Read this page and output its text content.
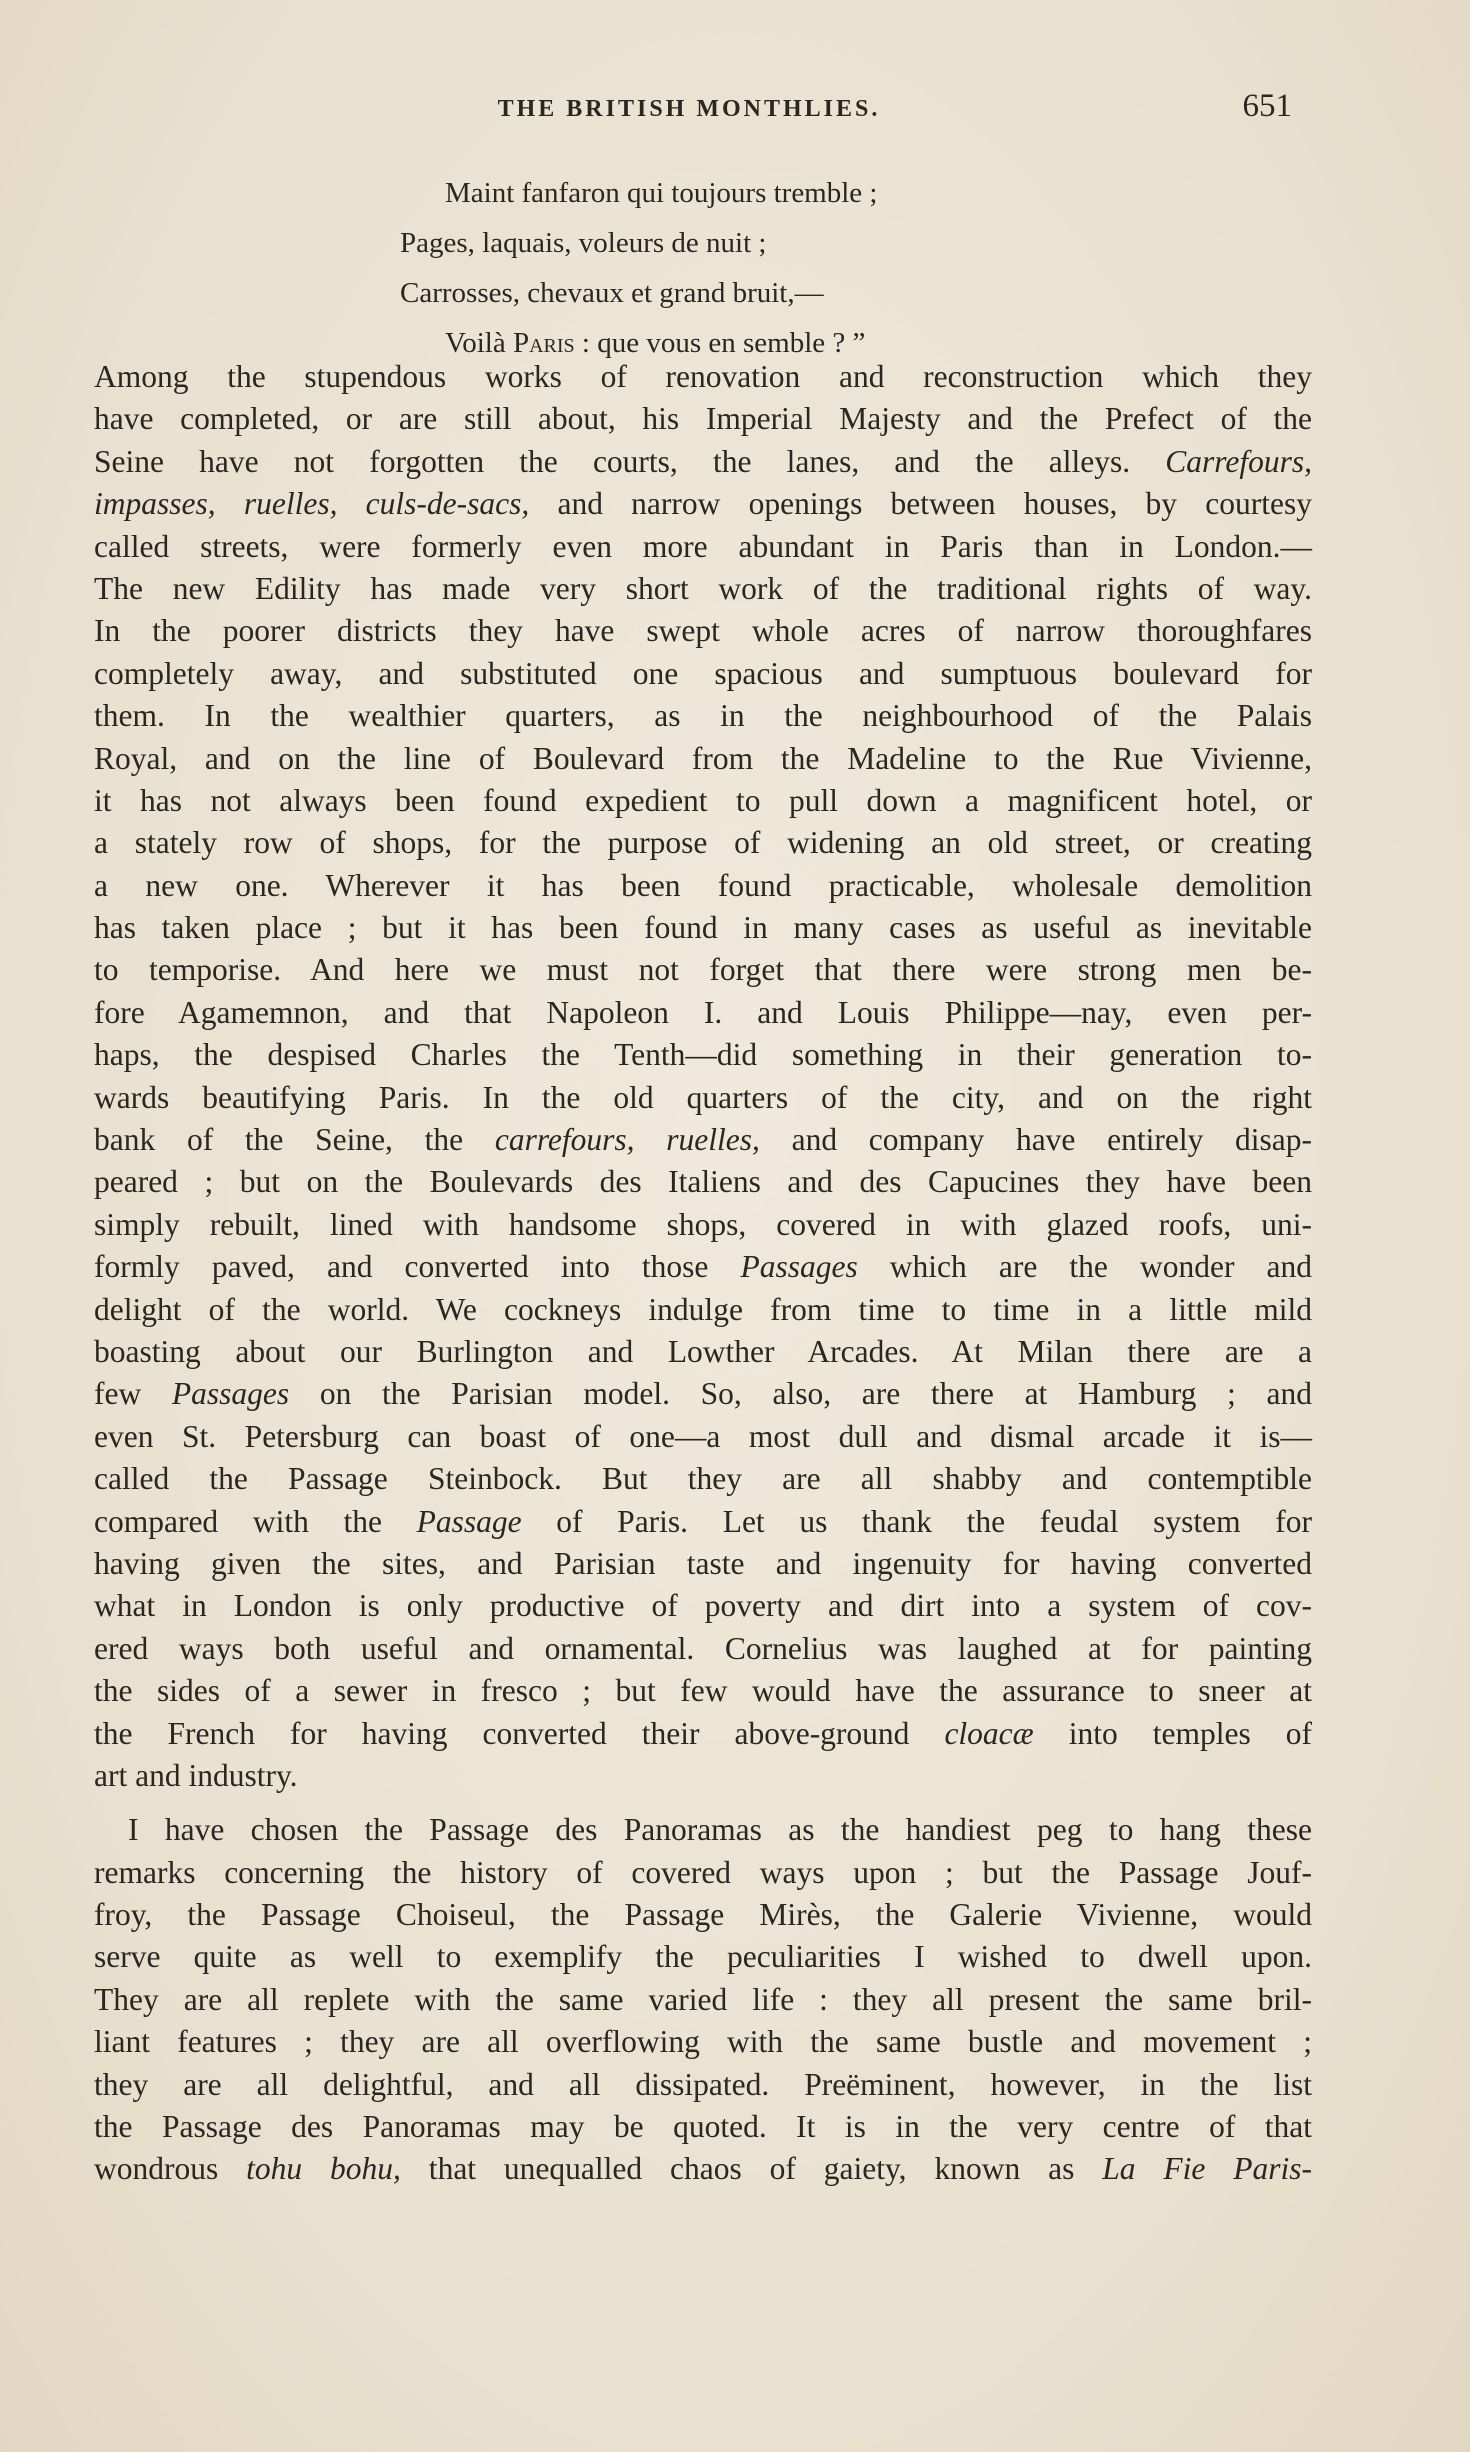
THE BRITISH MONTHLIES.	651
Maint fanfaron qui toujours tremble ;
Pages, laquais, voleurs de nuit ;
Carrosses, chevaux et grand bruit,—
Voilà Paris : que vous en semble ? ”
Among the stupendous works of renovation and reconstruction which they
have completed, or are still about, his Imperial Majesty and the Prefect of the
Seine have not forgotten the courts, the lanes, and the alleys. Carrefours,
impasses, ruelles, culs-de-sacs, and narrow openings between houses, by courtesy
called streets, were formerly even more abundant in Paris than in London.—
The new Edility has made very short work of the traditional rights of way.
In the poorer districts they have swept whole acres of narrow thoroughfares
completely away, and substituted one spacious and sumptuous boulevard for
them. In the wealthier quarters, as in the neighbourhood of the Palais
Royal, and on the line of Boulevard from the Madeline to the Rue Vivienne,
it has not always been found expedient to pull down a magnificent hotel, or
a stately row of shops, for the purpose of widening an old street, or creating
a new one. Wherever it has been found practicable, wholesale demolition
has taken place ; but it has been found in many cases as useful as inevitable
to temporise. And here we must not forget that there were strong men be-
fore Agamemnon, and that Napoleon I. and Louis Philippe—nay, even per-
haps, the despised Charles the Tenth—did something in their generation to-
wards beautifying Paris. In the old quarters of the city, and on the right
bank of the Seine, the carrefours, ruelles, and company have entirely disap-
peared ; but on the Boulevards des Italiens and des Capucines they have been
simply rebuilt, lined with handsome shops, covered in with glazed roofs, uni-
formly paved, and converted into those Passages which are the wonder and
delight of the world. We cockneys indulge from time to time in a little mild
boasting about our Burlington and Lowther Arcades. At Milan there are a
few Passages on the Parisian model. So, also, are there at Hamburg ; and
even St. Petersburg can boast of one—a most dull and dismal arcade it is—
called the Passage Steinbock. But they are all shabby and contemptible
compared with the Passage of Paris. Let us thank the feudal system for
having given the sites, and Parisian taste and ingenuity for having converted
what in London is only productive of poverty and dirt into a system of cov-
ered ways both useful and ornamental. Cornelius was laughed at for painting
the sides of a sewer in fresco ; but few would have the assurance to sneer at
the French for having converted their above-ground cloacæ into temples of
art and industry.
I have chosen the Passage des Panoramas as the handiest peg to hang these
remarks concerning the history of covered ways upon ; but the Passage Jouf-
froy, the Passage Choiseul, the Passage Mirès, the Galerie Vivienne, would
serve quite as well to exemplify the peculiarities I wished to dwell upon.
They are all replete with the same varied life : they all present the same bril-
liant features ; they are all overflowing with the same bustle and movement ;
they are all delightful, and all dissipated. Preëminent, however, in the list
the Passage des Panoramas may be quoted. It is in the very centre of that
wondrous tohu bohu, that unequalled chaos of gaiety, known as La Fie Paris-
